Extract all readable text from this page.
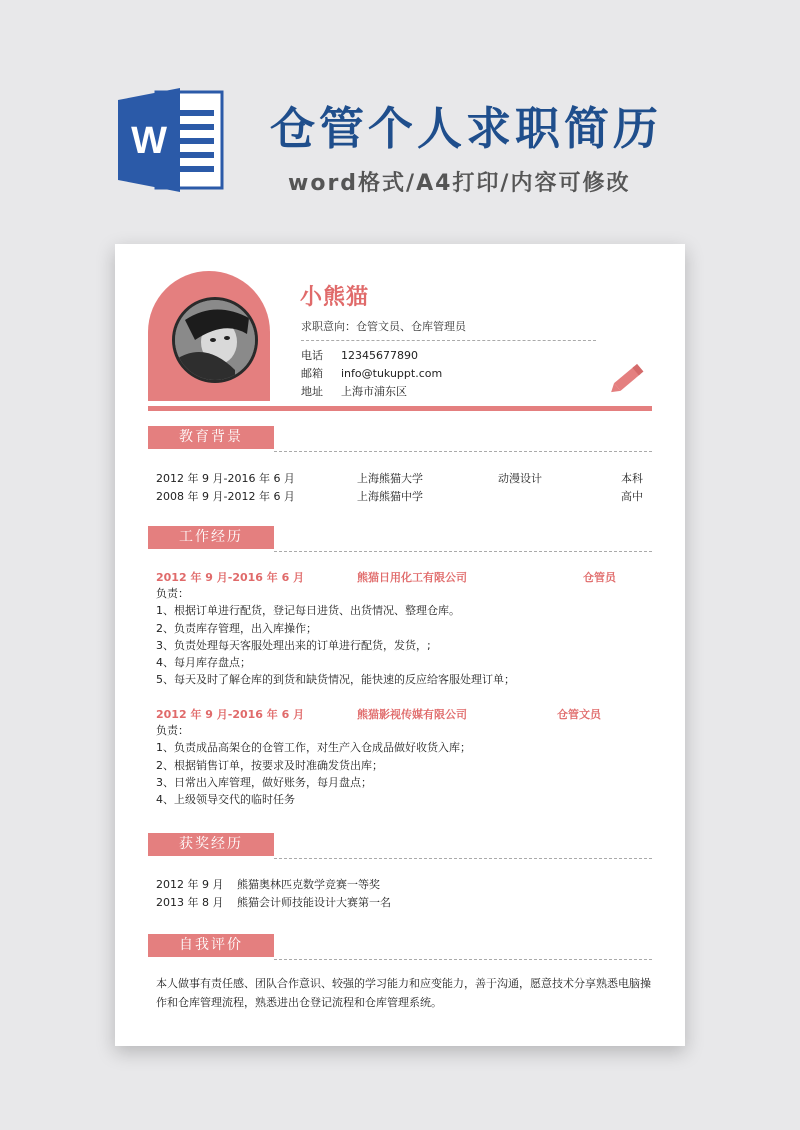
W 仓管个人求职简历
word格式/A4打印/内容可修改
小熊猫
求职意向：仓管文员、仓库管理员
电话	12345677890
邮箱	info@tukuppt.com
地址	上海市浦东区
教育背景
2012 年 9 月-2016 年 6 月	上海熊猫大学	动漫设计	本科
2008 年 9 月-2012 年 6 月	上海熊猫中学	高中
工作经历
2012 年 9 月-2016 年 6 月	熊猫日用化工有限公司	仓管员
负责：
1、根据订单进行配货，登记每日进货、出货情况、整理仓库。
2、负责库存管理，出入库操作；
3、负责处理每天客服处理出来的订单进行配货，发货，;
4、每月库存盘点；
5、每天及时了解仓库的到货和缺货情况，能快速的反应给客服处理订单；
2012 年 9 月-2016 年 6 月	熊猫影视传媒有限公司	仓管文员
负责：
1、负责成品高架仓的仓管工作，对生产入仓成品做好收货入库；
2、根据销售订单，按要求及时准确发货出库；
3、日常出入库管理，做好账务，每月盘点；
4、上级领导交代的临时任务
获奖经历
2012 年 9 月 熊猫奥林匹克数学竞赛一等奖
2013 年 8 月 熊猫会计师技能设计大赛第一名
自我评价
本人做事有责任感、团队合作意识、较强的学习能力和应变能力，善于沟通，愿意技术分享熟悉电脑操作和仓库管理流程，熟悉进出仓登记流程和仓库管理系统。
